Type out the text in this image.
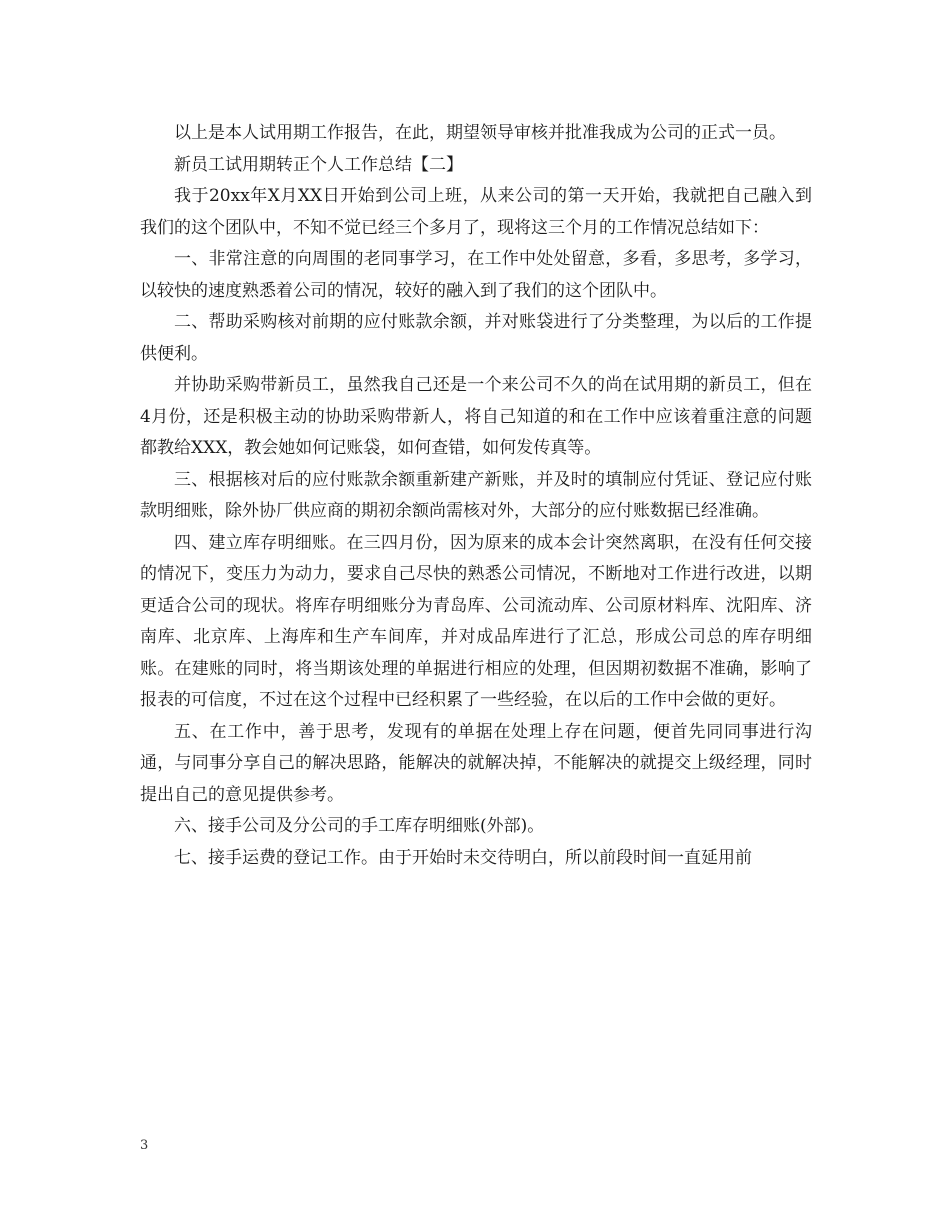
以上是本人试用期工作报告，在此，期望领导审核并批准我成为公司的正式一员。

新员工试用期转正个人工作总结【二】

我于20xx年X月XX日开始到公司上班，从来公司的第一天开始，我就把自己融入到我们的这个团队中，不知不觉已经三个多月了，现将这三个月的工作情况总结如下：

一、非常注意的向周围的老同事学习，在工作中处处留意，多看，多思考，多学习，以较快的速度熟悉着公司的情况，较好的融入到了我们的这个团队中。

二、帮助采购核对前期的应付账款余额，并对账袋进行了分类整理，为以后的工作提供便利。

并协助采购带新员工，虽然我自己还是一个来公司不久的尚在试用期的新员工，但在4月份，还是积极主动的协助采购带新人，将自己知道的和在工作中应该着重注意的问题都教给XXX，教会她如何记账袋，如何查错，如何发传真等。

三、根据核对后的应付账款余额重新建产新账，并及时的填制应付凭证、登记应付账款明细账，除外协厂供应商的期初余额尚需核对外，大部分的应付账数据已经准确。

四、建立库存明细账。在三四月份，因为原来的成本会计突然离职，在没有任何交接的情况下，变压力为动力，要求自己尽快的熟悉公司情况，不断地对工作进行改进，以期更适合公司的现状。将库存明细账分为青岛库、公司流动库、公司原材料库、沈阳库、济南库、北京库、上海库和生产车间库，并对成品库进行了汇总，形成公司总的库存明细账。在建账的同时，将当期该处理的单据进行相应的处理，但因期初数据不准确，影响了报表的可信度，不过在这个过程中已经积累了一些经验，在以后的工作中会做的更好。

五、在工作中，善于思考，发现有的单据在处理上存在问题，便首先同同事进行沟通，与同事分享自己的解决思路，能解决的就解决掉，不能解决的就提交上级经理，同时提出自己的意见提供参考。

六、接手公司及分公司的手工库存明细账(外部)。

七、接手运费的登记工作。由于开始时未交待明白，所以前段时间一直延用前

3
